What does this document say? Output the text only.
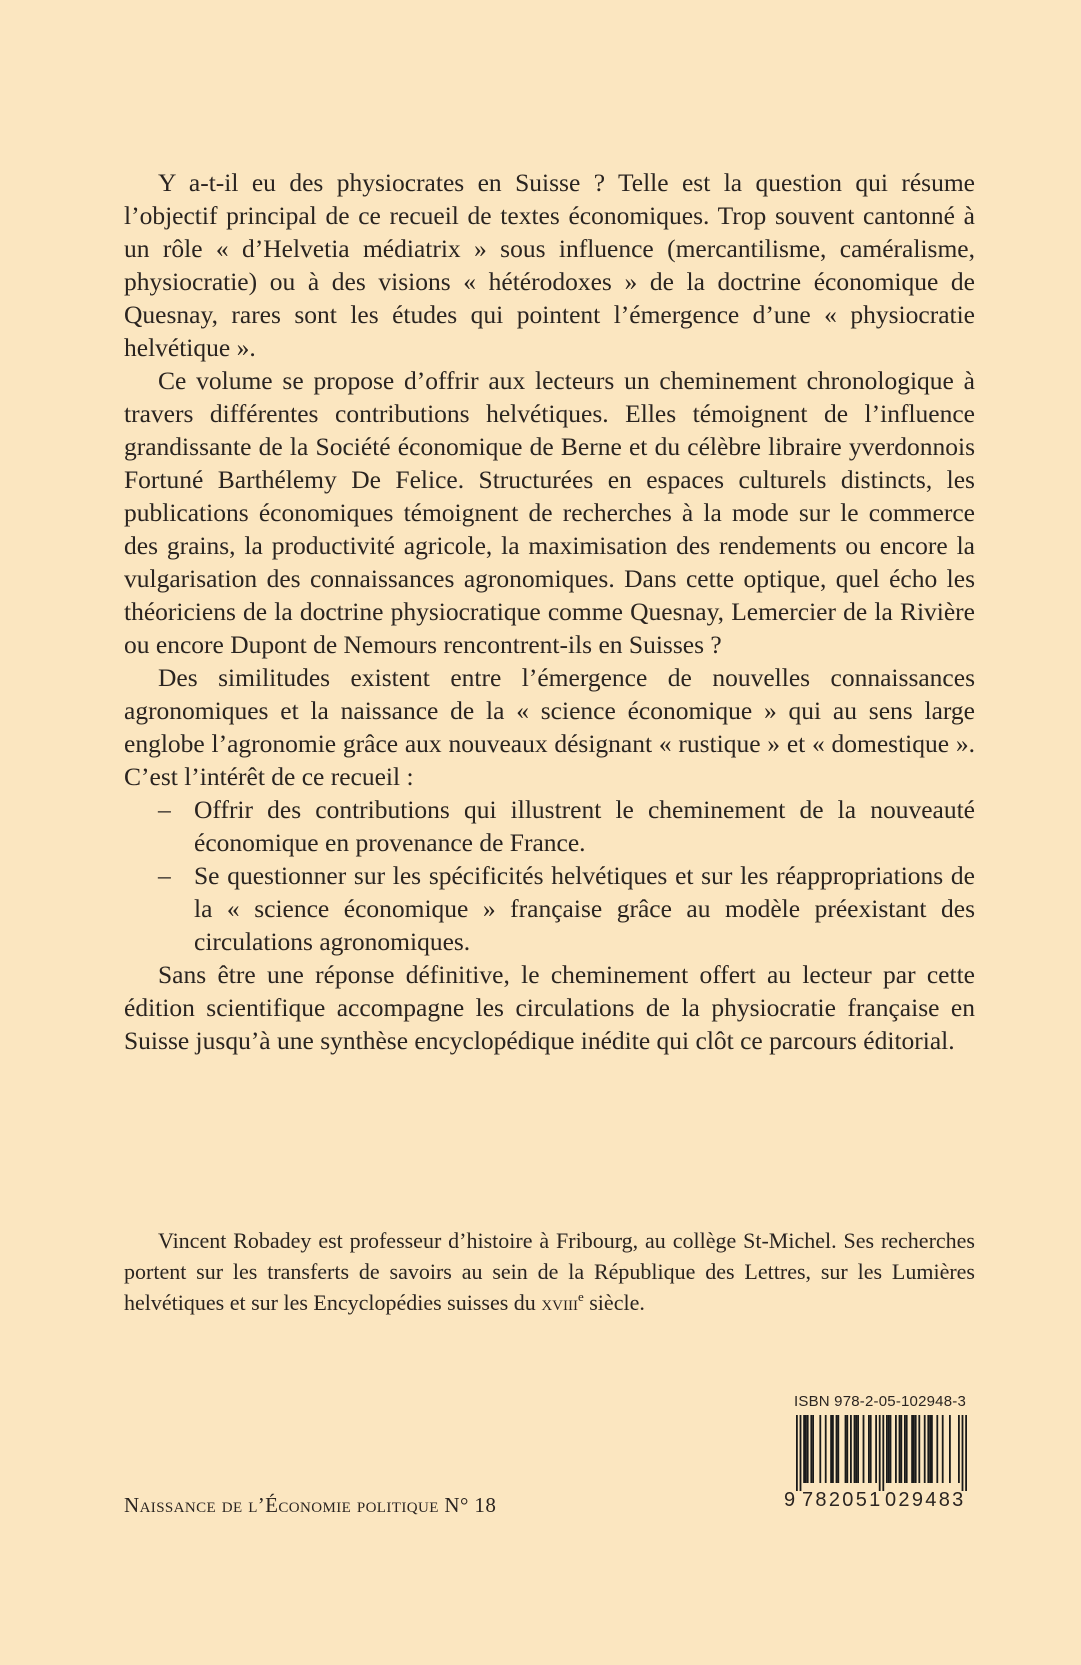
Y a-t-il eu des physiocrates en Suisse ? Telle est la question qui résume l’objectif principal de ce recueil de textes économiques. Trop souvent cantonné à un rôle « d’Helvetia médiatrix » sous influence (mercantilisme, caméralisme, physiocratie) ou à des visions « hétérodoxes » de la doctrine économique de Quesnay, rares sont les études qui pointent l’émergence d’une « physiocratie helvétique ».

Ce volume se propose d’offrir aux lecteurs un cheminement chronologique à travers différentes contributions helvétiques. Elles témoignent de l’influence grandissante de la Société économique de Berne et du célèbre libraire yverdonnois Fortuné Barthélemy De Felice. Structurées en espaces culturels distincts, les publications économiques témoignent de recherches à la mode sur le commerce des grains, la productivité agricole, la maximisation des rendements ou encore la vulgarisation des connaissances agronomiques. Dans cette optique, quel écho les théoriciens de la doctrine physiocratique comme Quesnay, Lemercier de la Rivière ou encore Dupont de Nemours rencontrent-ils en Suisses ?

Des similitudes existent entre l’émergence de nouvelles connaissances agronomiques et la naissance de la « science économique » qui au sens large englobe l’agronomie grâce aux nouveaux désignant « rustique » et « domestique ». C’est l’intérêt de ce recueil :

– Offrir des contributions qui illustrent le cheminement de la nouveauté économique en provenance de France.
– Se questionner sur les spécificités helvétiques et sur les réappropriations de la « science économique » française grâce au modèle préexistant des circulations agronomiques.

Sans être une réponse définitive, le cheminement offert au lecteur par cette édition scientifique accompagne les circulations de la physiocratie française en Suisse jusqu’à une synthèse encyclopédique inédite qui clôt ce parcours éditorial.

Vincent Robadey est professeur d’histoire à Fribourg, au collège St-Michel. Ses recherches portent sur les transferts de savoirs au sein de la République des Lettres, sur les Lumières helvétiques et sur les Encyclopédies suisses du xviii$^e$ siècle.

Naissance de l’Économie politique N° 18
ISBN 978-2-05-102948-3
9 782051 029483
